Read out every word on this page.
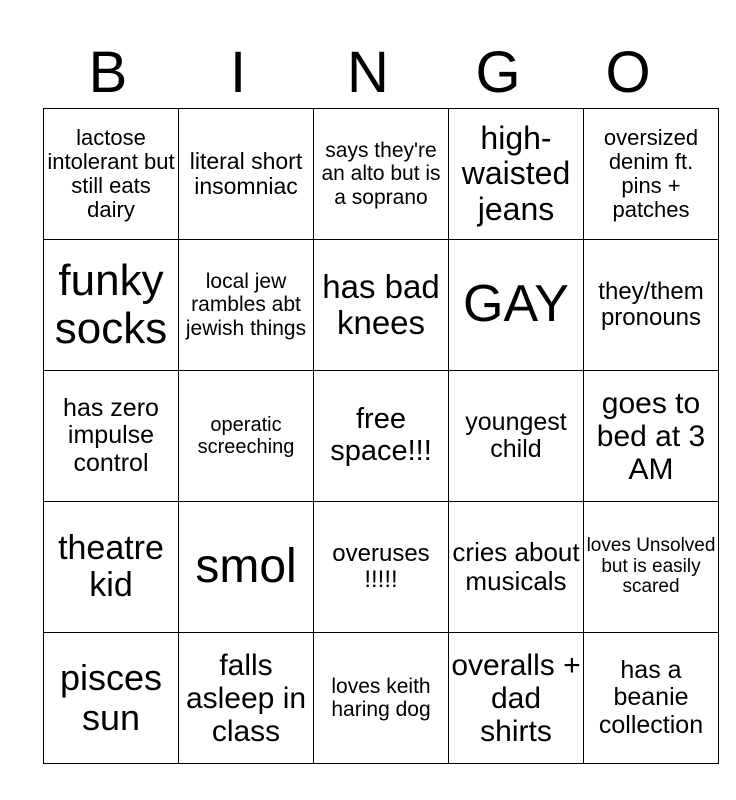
B	I	N	G	O
lactose intolerant but still eats dairy	literal short insomniac	says they're an alto but is a soprano	high-waisted jeans	oversized denim ft. pins + patches
funky socks	local jew rambles abt jewish things	has bad knees	GAY	they/them pronouns
has zero impulse control	operatic screeching	free space!!!	youngest child	goes to bed at 3 AM
theatre kid	smol	overuses !!!!!	cries about musicals	loves Unsolved but is easily scared
pisces sun	falls asleep in class	loves keith haring dog	overalls + dad shirts	has a beanie collection
